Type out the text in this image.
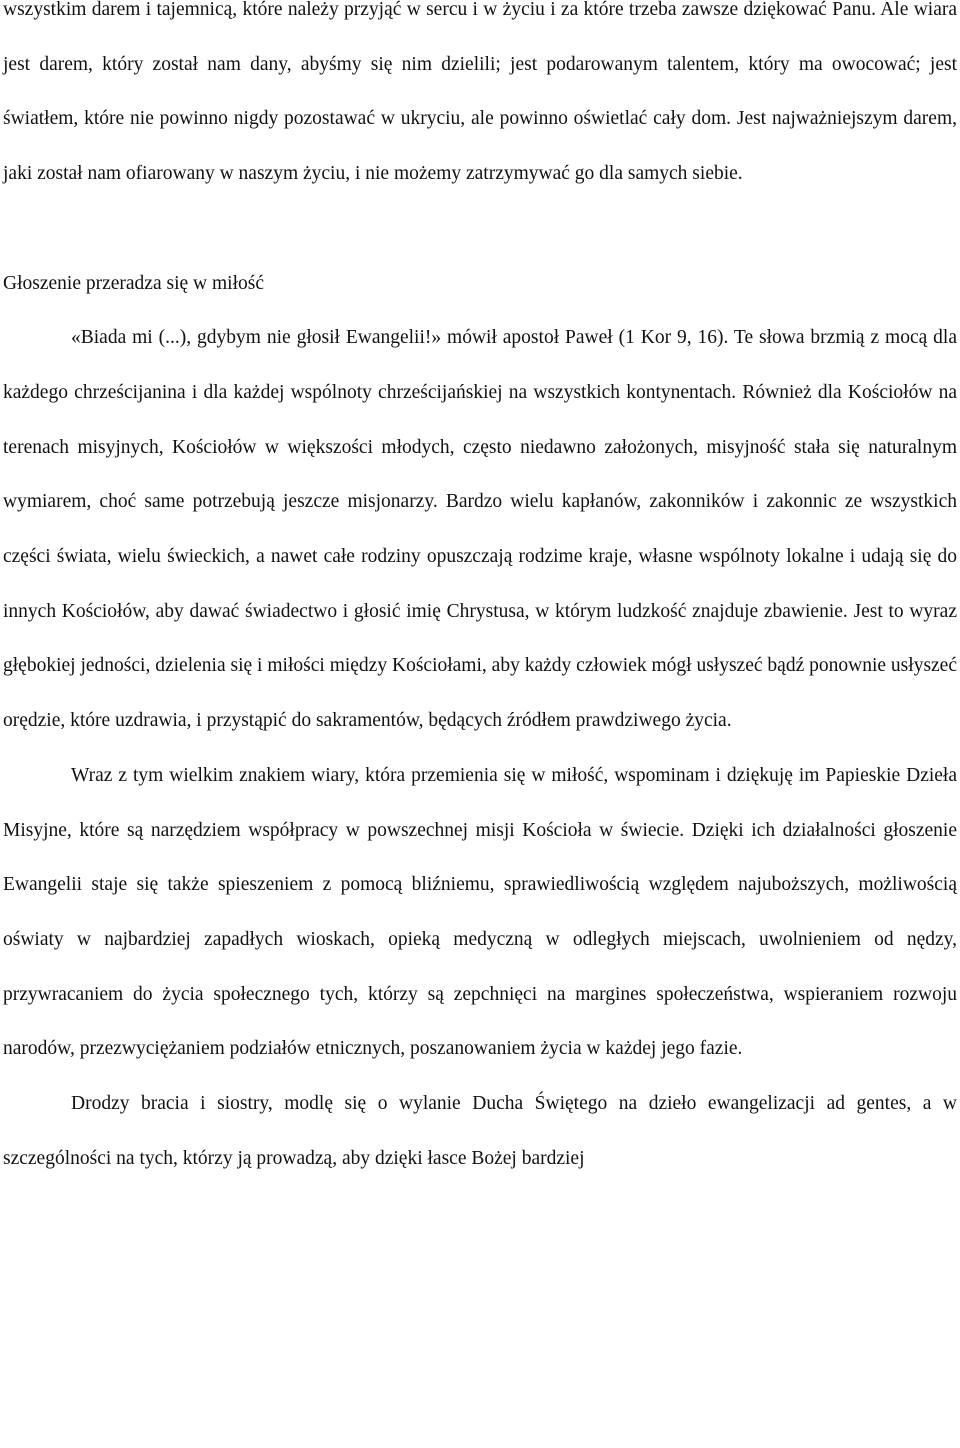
wszystkim darem i tajemnicą, które należy przyjąć w sercu i w życiu i za które trzeba zawsze dziękować Panu. Ale wiara jest darem, który został nam dany, abyśmy się nim dzielili; jest podarowanym talentem, który ma owocować; jest światłem, które nie powinno nigdy pozostawać w ukryciu, ale powinno oświetlać cały dom. Jest najważniejszym darem, jaki został nam ofiarowany w naszym życiu, i nie możemy zatrzymywać go dla samych siebie.

Głoszenie przeradza się w miłość

«Biada mi (...), gdybym nie głosił Ewangelii!» mówił apostoł Paweł (1 Kor 9, 16). Te słowa brzmią z mocą dla każdego chrześcijanina i dla każdej wspólnoty chrześcijańskiej na wszystkich kontynentach. Również dla Kościołów na terenach misyjnych, Kościołów w większości młodych, często niedawno założonych, misyjność stała się naturalnym wymiarem, choć same potrzebują jeszcze misjonarzy. Bardzo wielu kapłanów, zakonników i zakonnic ze wszystkich części świata, wielu świeckich, a nawet całe rodziny opuszczają rodzime kraje, własne wspólnoty lokalne i udają się do innych Kościołów, aby dawać świadectwo i głosić imię Chrystusa, w którym ludzkość znajduje zbawienie. Jest to wyraz głębokiej jedności, dzielenia się i miłości między Kościołami, aby każdy człowiek mógł usłyszeć bądź ponownie usłyszeć orędzie, które uzdrawia, i przystąpić do sakramentów, będących źródłem prawdziwego życia.

Wraz z tym wielkim znakiem wiary, która przemienia się w miłość, wspominam i dziękuję im Papieskie Dzieła Misyjne, które są narzędziem współpracy w powszechnej misji Kościoła w świecie. Dzięki ich działalności głoszenie Ewangelii staje się także spieszeniem z pomocą bliźniemu, sprawiedliwością względem najuboższych, możliwością oświaty w najbardziej zapadłych wioskach, opieką medyczną w odległych miejscach, uwolnieniem od nędzy, przywracaniem do życia społecznego tych, którzy są zepchnięci na margines społeczeństwa, wspieraniem rozwoju narodów, przezwyciężaniem podziałów etnicznych, poszanowaniem życia w każdej jego fazie.

Drodzy bracia i siostry, modlę się o wylanie Ducha Świętego na dzieło ewangelizacji ad gentes, a w szczególności na tych, którzy ją prowadzą, aby dzięki łasce Bożej bardziej
